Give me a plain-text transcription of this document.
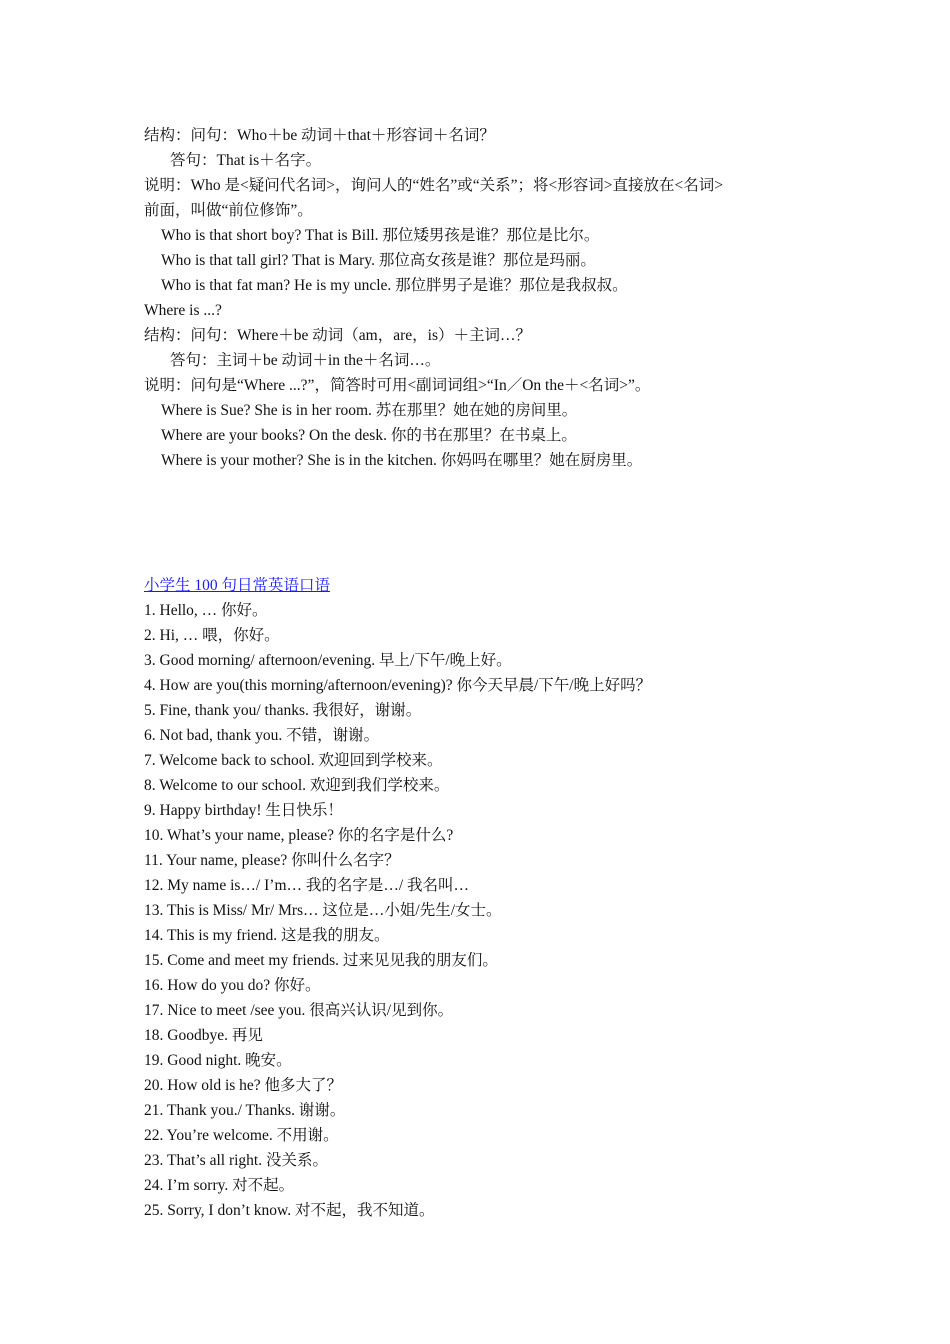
结构：问句：Who＋be 动词＋that＋形容词＋名词？
答句：That is＋名字。
说明：Who 是<疑问代名词>，询问人的“姓名”或“关系”；将<形容词>直接放在<名词>
前面，叫做“前位修饰”。
Who is that short boy? That is Bill. 那位矮男孩是谁？那位是比尔。
Who is that tall girl? That is Mary. 那位高女孩是谁？那位是玛丽。
Who is that fat man? He is my uncle. 那位胖男子是谁？那位是我叔叔。
Where is ...?
结构：问句：Where＋be 动词（am，are，is）＋主词…？
答句：主词＋be 动词＋in the＋名词…。
说明：问句是“Where ...?”，简答时可用<副词词组>“In／On the＋<名词>”。
Where is Sue? She is in her room. 苏在那里？她在她的房间里。
Where are your books? On the desk. 你的书在那里？在书桌上。
Where is your mother? She is in the kitchen. 你妈吗在哪里？她在厨房里。
小学生 100 句日常英语口语
1. Hello, … 你好。
2. Hi, … 喂，你好。
3. Good morning/ afternoon/evening. 早上/下午/晚上好。
4. How are you(this morning/afternoon/evening)? 你今天早晨/下午/晚上好吗？
5. Fine, thank you/ thanks. 我很好，谢谢。
6. Not bad, thank you. 不错，谢谢。
7. Welcome back to school. 欢迎回到学校来。
8. Welcome to our school. 欢迎到我们学校来。
9. Happy birthday! 生日快乐！
10. What’s your name, please? 你的名字是什么?
11. Your name, please? 你叫什么名字？
12. My name is…/ I’m… 我的名字是…/ 我名叫…
13. This is Miss/ Mr/ Mrs… 这位是…小姐/先生/女士。
14. This is my friend. 这是我的朋友。
15. Come and meet my friends. 过来见见我的朋友们。
16. How do you do? 你好。
17. Nice to meet /see you. 很高兴认识/见到你。
18. Goodbye. 再见
19. Good night. 晚安。
20. How old is he? 他多大了？
21. Thank you./ Thanks. 谢谢。
22. You’re welcome. 不用谢。
23. That’s all right. 没关系。
24. I’m sorry. 对不起。
25. Sorry, I don’t know. 对不起，我不知道。
